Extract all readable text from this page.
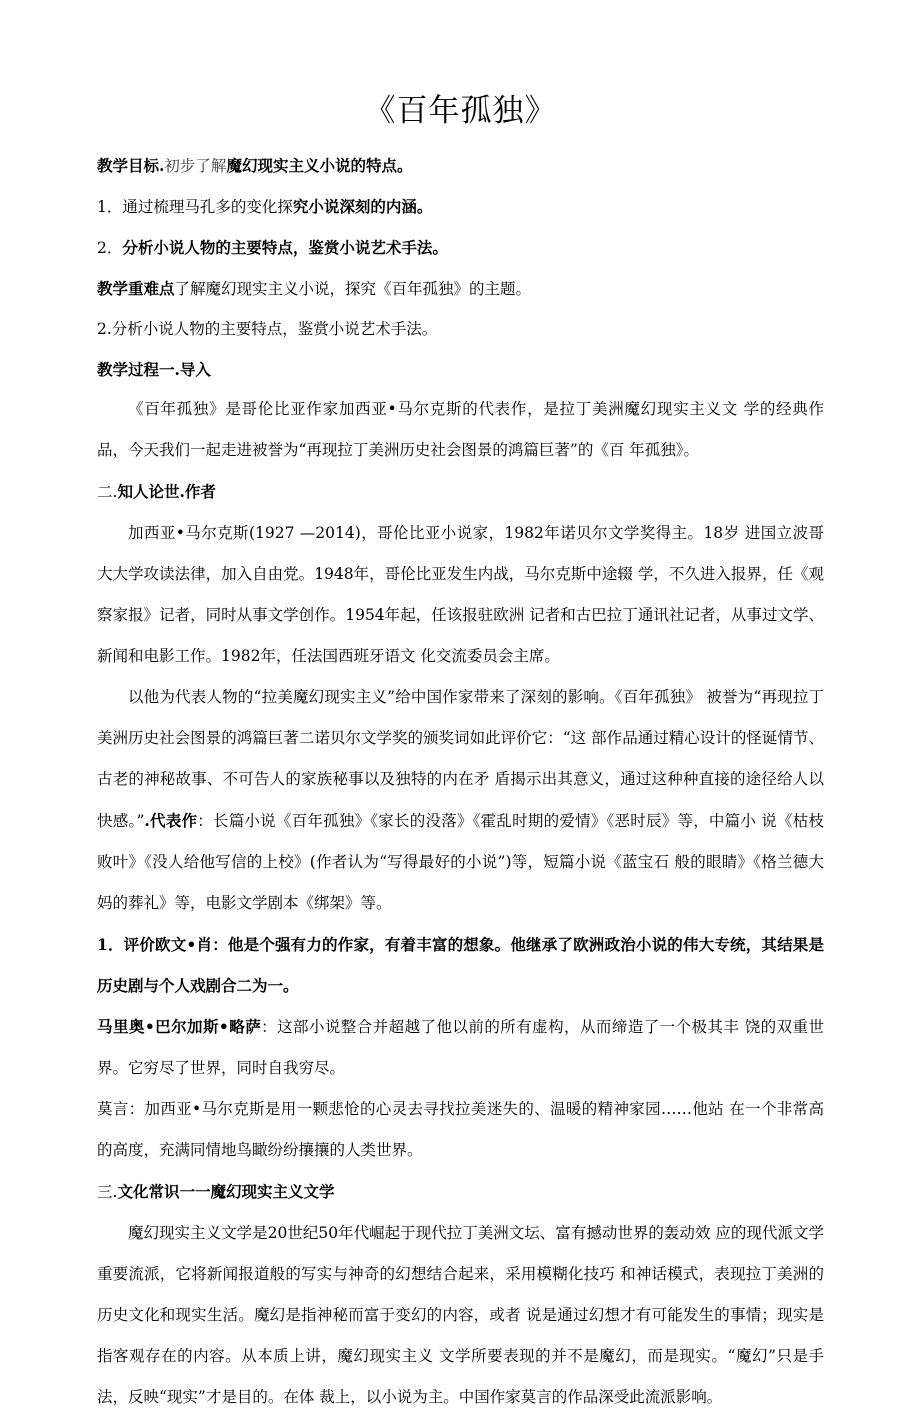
《百年孤独》
教学目标.初步了解魔幻现实主义小说的特点。
1．通过梳理马孔多的变化探究小说深刻的内涵。
2．分析小说人物的主要特点，鉴赏小说艺术手法。
教学重难点了解魔幻现实主义小说，探究《百年孤独》的主题。
2.分析小说人物的主要特点，鉴赏小说艺术手法。
教学过程一.导入
《百年孤独》是哥伦比亚作家加西亚•马尔克斯的代表作，是拉丁美洲魔幻现实主义文 学的经典作品，今天我们一起走进被誉为“再现拉丁美洲历史社会图景的鸿篇巨著”的《百 年孤独》。
二.知人论世.作者
加西亚•马尔克斯(1927 —2014)，哥伦比亚小说家，1982年诺贝尔文学奖得主。18岁 进国立波哥大大学攻读法律，加入自由党。1948年，哥伦比亚发生内战，马尔克斯中途辍 学，不久进入报界，任《观察家报》记者，同时从事文学创作。1954年起，任该报驻欧洲 记者和古巴拉丁通讯社记者，从事过文学、新闻和电影工作。1982年，任法国西班牙语文 化交流委员会主席。
以他为代表人物的“拉美魔幻现实主义”给中国作家带来了深刻的影响。《百年孤独》 被誉为“再现拉丁美洲历史社会图景的鸿篇巨著二诺贝尔文学奖的颁奖词如此评价它：“这 部作品通过精心设计的怪诞情节、古老的神秘故事、不可告人的家族秘事以及独特的内在矛 盾揭示出其意义，通过这种种直接的途径给人以快感。”.代表作：长篇小说《百年孤独》《家长的没落》《霍乱时期的爱情》《恶时辰》等，中篇小 说《枯枝败叶》《没人给他写信的上校》(作者认为“写得最好的小说”)等，短篇小说《蓝宝石 般的眼睛》《格兰德大妈的葬礼》等，电影文学剧本《绑架》等。
1．评价欧文•肖：他是个强有力的作家，有着丰富的想象。他继承了欧洲政治小说的伟大专统，其结果是历史剧与个人戏剧合二为一。
马里奥•巴尔加斯•略萨：这部小说整合并超越了他以前的所有虚构，从而缔造了一个极其丰 饶的双重世界。它穷尽了世界，同时自我穷尽。
莫言：加西亚•马尔克斯是用一颗悲怆的心灵去寻找拉美迷失的、温暖的精神家园……他站 在一个非常高的高度，充满同情地鸟瞰纷纷攘攘的人类世界。
三.文化常识一一魔幻现实主义文学
魔幻现实主义文学是20世纪50年代崛起于现代拉丁美洲文坛、富有撼动世界的轰动效 应的现代派文学重要流派，它将新闻报道般的写实与神奇的幻想结合起来，采用模糊化技巧 和神话模式，表现拉丁美洲的历史文化和现实生活。魔幻是指神秘而富于变幻的内容，或者 说是通过幻想才有可能发生的事情；现实是指客观存在的内容。从本质上讲，魔幻现实主义 文学所要表现的并不是魔幻，而是现实。“魔幻”只是手法，反映“现实”才是目的。在体 裁上，以小说为主。中国作家莫言的作品深受此流派影响。
